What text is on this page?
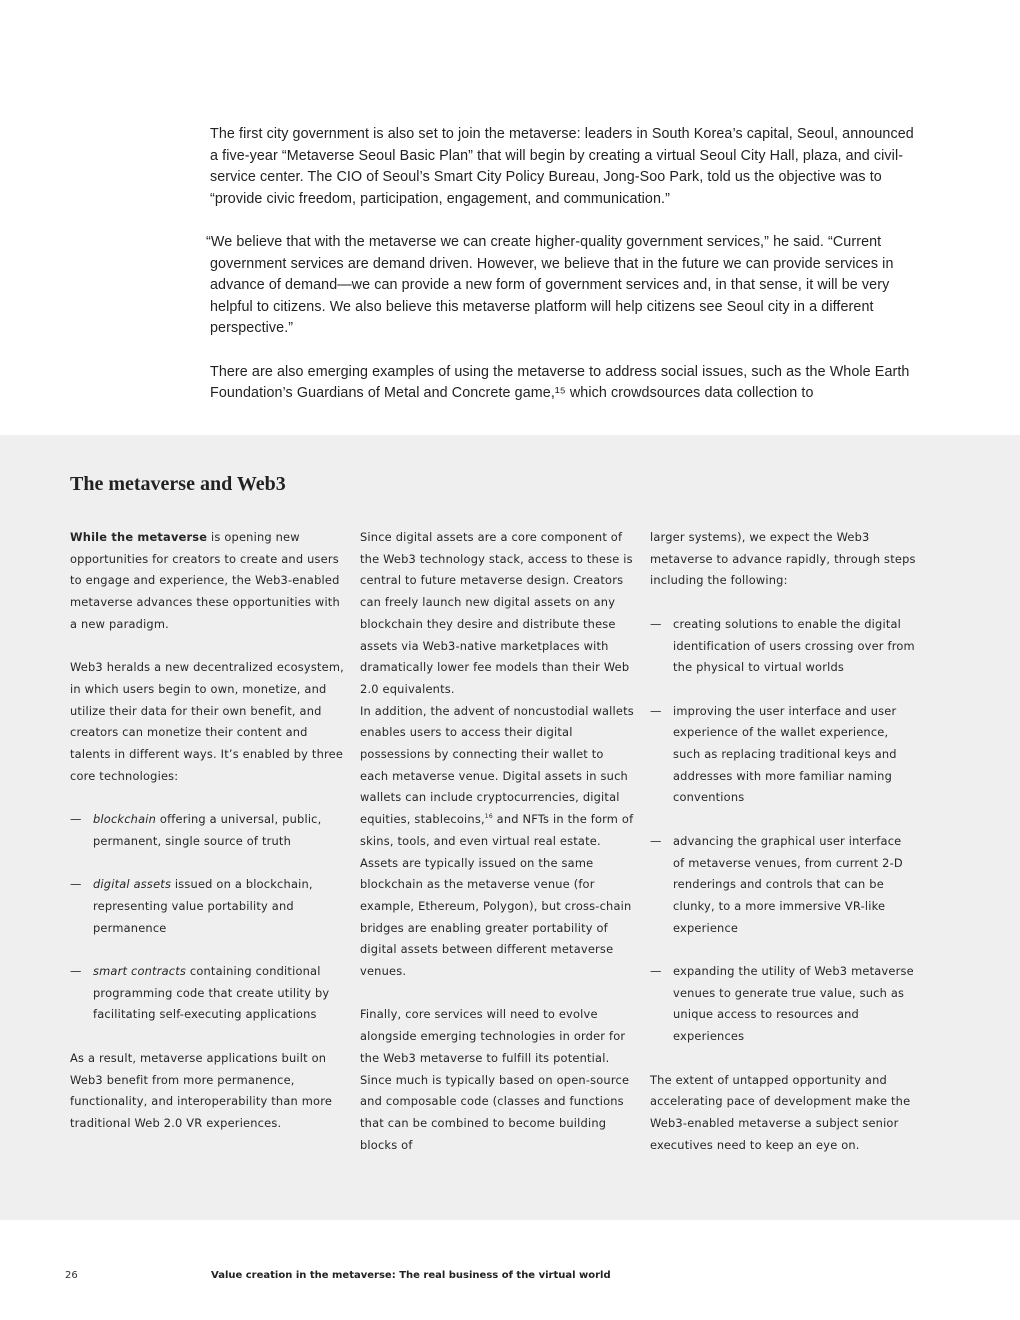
The first city government is also set to join the metaverse: leaders in South Korea’s capital, Seoul, announced a five-year “Metaverse Seoul Basic Plan” that will begin by creating a virtual Seoul City Hall, plaza, and civil-service center. The CIO of Seoul’s Smart City Policy Bureau, Jong-Soo Park, told us the objective was to “provide civic freedom, participation, engagement, and communication.”

“We believe that with the metaverse we can create higher-quality government services,” he said. “Current government services are demand driven. However, we believe that in the future we can provide services in advance of demand—we can provide a new form of government services and, in that sense, it will be very helpful to citizens. We also believe this metaverse platform will help citizens see Seoul city in a different perspective.”

There are also emerging examples of using the metaverse to address social issues, such as the Whole Earth Foundation’s Guardians of Metal and Concrete game,¹⁵ which crowdsources data collection to

The metaverse and Web3

While the metaverse is opening new opportunities for creators to create and users to engage and experience, the Web3-enabled metaverse advances these opportunities with a new paradigm.

Web3 heralds a new decentralized ecosystem, in which users begin to own, monetize, and utilize their data for their own benefit, and creators can monetize their content and talents in different ways. It’s enabled by three core technologies:

— blockchain offering a universal, public, permanent, single source of truth
— digital assets issued on a blockchain, representing value portability and permanence
— smart contracts containing conditional programming code that create utility by facilitating self-executing applications

As a result, metaverse applications built on Web3 benefit from more permanence, functionality, and interoperability than more traditional Web 2.0 VR experiences.

Since digital assets are a core component of the Web3 technology stack, access to these is central to future metaverse design. Creators can freely launch new digital assets on any blockchain they desire and distribute these assets via Web3-native marketplaces with dramatically lower fee models than their Web 2.0 equivalents.

In addition, the advent of noncustodial wallets enables users to access their digital possessions by connecting their wallet to each metaverse venue. Digital assets in such wallets can include cryptocurrencies, digital equities, stablecoins,$^{16}$ and NFTs in the form of skins, tools, and even virtual real estate. Assets are typically issued on the same blockchain as the metaverse venue (for example, Ethereum, Polygon), but cross-chain bridges are enabling greater portability of digital assets between different metaverse venues.

Finally, core services will need to evolve alongside emerging technologies in order for the Web3 metaverse to fulfill its potential. Since much is typically based on open-source and composable code (classes and functions that can be combined to become building blocks of

larger systems), we expect the Web3 metaverse to advance rapidly, through steps including the following:

— creating solutions to enable the digital identification of users crossing over from the physical to virtual worlds
— improving the user interface and user experience of the wallet experience, such as replacing traditional keys and addresses with more familiar naming conventions
— advancing the graphical user interface of metaverse venues, from current 2-D renderings and controls that can be clunky, to a more immersive VR-like experience
— expanding the utility of Web3 metaverse venues to generate true value, such as unique access to resources and experiences

The extent of untapped opportunity and accelerating pace of development make the Web3-enabled metaverse a subject senior executives need to keep an eye on.

26	Value creation in the metaverse: The real business of the virtual world
